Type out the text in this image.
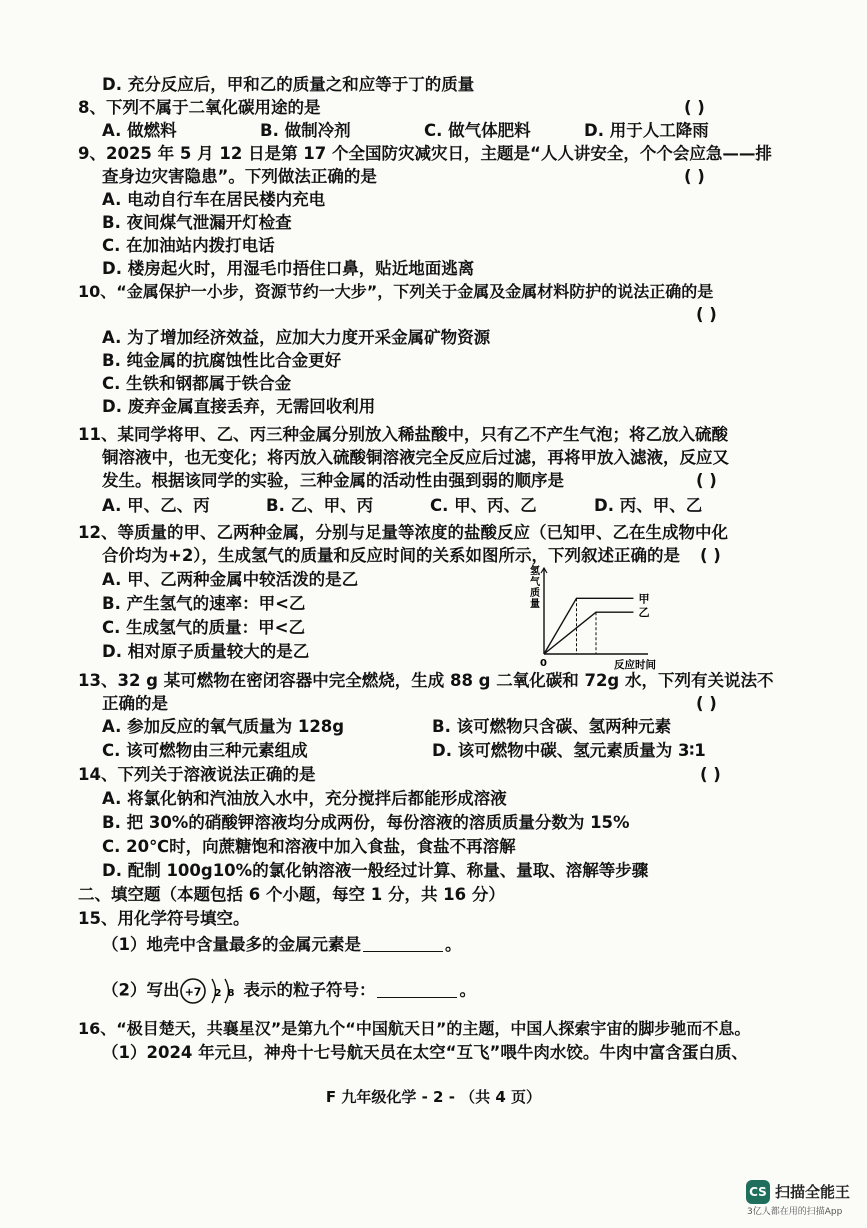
D. 充分反应后，甲和乙的质量之和应等于丁的质量
8、下列不属于二氧化碳用途的是	( )
A. 做燃料	B. 做制冷剂	C. 做气体肥料	D. 用于人工降雨
9、2025 年 5 月 12 日是第 17 个全国防灾减灾日，主题是“人人讲安全，个个会应急——排
查身边灾害隐患”。下列做法正确的是	( )
A. 电动自行车在居民楼内充电
B. 夜间煤气泄漏开灯检查
C. 在加油站内拨打电话
D. 楼房起火时，用湿毛巾捂住口鼻，贴近地面逃离
10、“金属保护一小步，资源节约一大步”，下列关于金属及金属材料防护的说法正确的是
( )
A. 为了增加经济效益，应加大力度开采金属矿物资源
B. 纯金属的抗腐蚀性比合金更好
C. 生铁和钢都属于铁合金
D. 废弃金属直接丢弃，无需回收利用
11、某同学将甲、乙、丙三种金属分别放入稀盐酸中，只有乙不产生气泡；将乙放入硫酸
铜溶液中，也无变化；将丙放入硫酸铜溶液完全反应后过滤，再将甲放入滤液，反应又
发生。根据该同学的实验，三种金属的活动性由强到弱的顺序是	( )
A. 甲、乙、丙	B. 乙、甲、丙	C. 甲、丙、乙	D. 丙、甲、乙
12、等质量的甲、乙两种金属，分别与足量等浓度的盐酸反应（已知甲、乙在生成物中化
合价均为+2），生成氢气的质量和反应时间的关系如图所示，下列叙述正确的是 ( )
A. 甲、乙两种金属中较活泼的是乙
B. 产生氢气的速率：甲<乙
C. 生成氢气的质量：甲<乙
D. 相对原子质量较大的是乙
氢气质量
0	反应时间
甲
乙
13、32 g 某可燃物在密闭容器中完全燃烧，生成 88 g 二氧化碳和 72g 水，下列有关说法不
正确的是	( )
A. 参加反应的氧气质量为 128g	B. 该可燃物只含碳、氢两种元素
C. 该可燃物由三种元素组成	D. 该可燃物中碳、氢元素质量为 3∶1
14、下列关于溶液说法正确的是	( )
A. 将氯化钠和汽油放入水中，充分搅拌后都能形成溶液
B. 把 30%的硝酸钾溶液均分成两份，每份溶液的溶质质量分数为 15%
C. 20℃时，向蔗糖饱和溶液中加入食盐，食盐不再溶解
D. 配制 100g10%的氯化钠溶液一般经过计算、称量、量取、溶解等步骤
二、填空题（本题包括 6 个小题，每空 1 分，共 16 分）
15、用化学符号填空。
（1）地壳中含量最多的金属元素是	。
（2）写出 +7 2 8 表示的粒子符号：	。
16、“极目楚天，共襄星汉”是第九个“中国航天日”的主题，中国人探索宇宙的脚步驰而不息。
（1）2024 年元旦，神舟十七号航天员在太空“互飞”喂牛肉水饺。牛肉中富含蛋白质、
F 九年级化学 - 2 - （共 4 页）
CS 扫描全能王
3亿人都在用的扫描App
